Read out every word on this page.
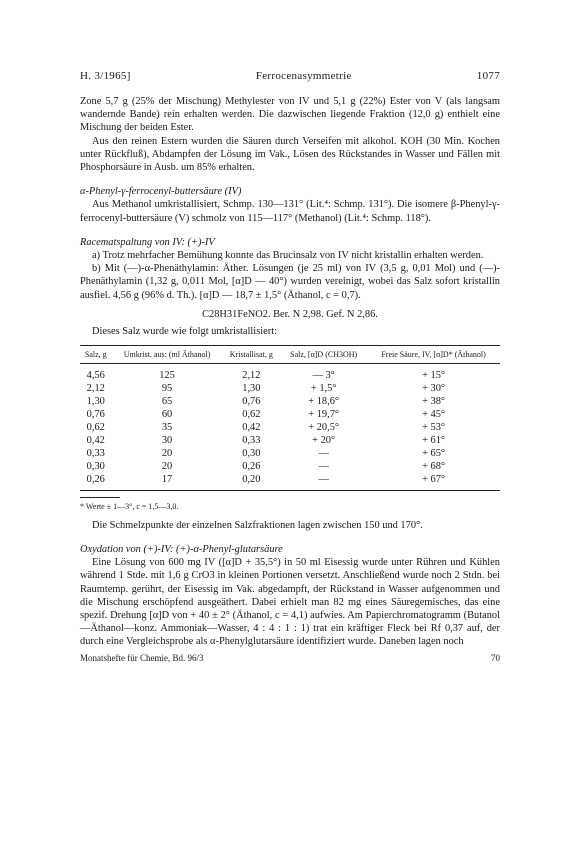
H. 3/1965]	Ferrocenasymmetrie	1077

Zone 5,7 g (25% der Mischung) Methylester von IV und 5,1 g (22%) Ester von V (als langsam wandernde Bande) rein erhalten werden. Die dazwischen liegende Fraktion (12,0 g) enthielt eine Mischung der beiden Ester.

Aus den reinen Estern wurden die Säuren durch Verseifen mit alkohol. KOH (30 Min. Kochen unter Rückfluß), Abdampfen der Lösung im Vak., Lösen des Rückstandes in Wasser und Fällen mit Phosphorsäure in Ausb. um 85% erhalten.

α-Phenyl-γ-ferrocenyl-buttersäure (IV)

Aus Methanol umkristallisiert, Schmp. 130—131° (Lit.⁴: Schmp. 131°). Die isomere β-Phenyl-γ-ferrocenyl-buttersäure (V) schmolz von 115—117° (Methanol) (Lit.⁴: Schmp. 118°).

Racematspaltung von IV: (+)-IV

a) Trotz mehrfacher Bemühung konnte das Brucinsalz von IV nicht kristallin erhalten werden.

b) Mit (—)-α-Phenäthylamin: Äther. Lösungen (je 25 ml) von IV (3,5 g, 0,01 Mol) und (—)-Phenäthylamin (1,32 g, 0,011 Mol, [α]D — 40°) wurden vereinigt, wobei das Salz sofort kristallin ausfiel. 4,56 g (96% d. Th.). [α]D — 18,7 ± 1,5° (Äthanol, c = 0,7).

C28H31FeNO2. Ber. N 2,98. Gef. N 2,86.
Dieses Salz wurde wie folgt umkristallisiert:
Salz, g	Umkrist. aus: (ml Äthanol)	Kristallisat, g	Salz, [α]D (CH3OH)	Freie Säure, IV, [α]D* (Äthanol)
4,56	125	2,12	— 3°	+ 15°
2,12	95	1,30	+ 1,5°	+ 30°
1,30	65	0,76	+ 18,6°	+ 38°
0,76	60	0,62	+ 19,7°	+ 45°
0,62	35	0,42	+ 20,5°	+ 53°
0,42	30	0,33	+ 20°	+ 61°
0,33	20	0,30	—	+ 65°
0,30	20	0,26	—	+ 68°
0,26	17	0,20	—	+ 67°
* Werte ± 1—3°, c = 1,5—3,0.

Die Schmelzpunkte der einzelnen Salzfraktionen lagen zwischen 150 und 170°.

Oxydation von (+)-IV: (+)-α-Phenyl-glutarsäure

Eine Lösung von 600 mg IV ([α]D + 35,5°) in 50 ml Eisessig wurde unter Rühren und Kühlen während 1 Stde. mit 1,6 g CrO3 in kleinen Portionen versetzt. Anschließend wurde noch 2 Stdn. bei Raumtemp. gerührt, der Eisessig im Vak. abgedampft, der Rückstand in Wasser aufgenommen und die Mischung erschöpfend ausgeäthert. Dabei erhielt man 82 mg eines Säuregemisches, das eine spezif. Drehung [α]D von + 40 ± 2° (Äthanol, c = 4,1) aufwies. Am Papierchromatogramm (Butanol—Äthanol—konz. Ammoniak—Wasser, 4 : 4 : 1 : 1) trat ein kräftiger Fleck bei Rf 0,37 auf, der durch eine Vergleichsprobe als α-Phenylglutarsäure identifiziert wurde. Daneben lagen noch

Monatshefte für Chemie, Bd. 96/3	70
